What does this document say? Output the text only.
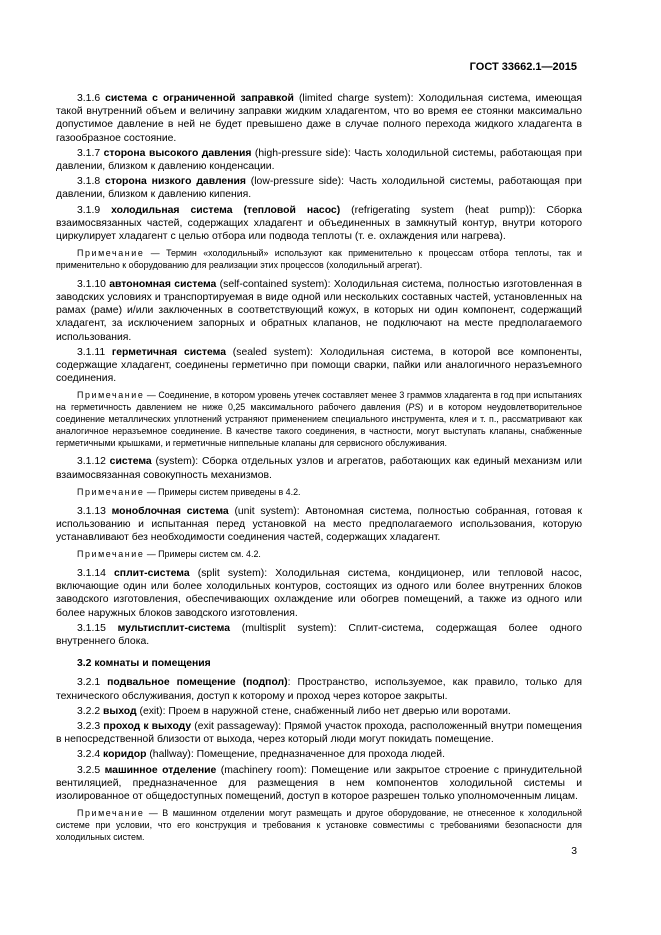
ГОСТ 33662.1—2015

3.1.6 система с ограниченной заправкой (limited charge system): Холодильная система, имеющая такой внутренний объем и величину заправки жидким хладагентом, что во время ее стоянки максимально допустимое давление в ней не будет превышено даже в случае полного перехода жидкого хладагента в газообразное состояние.

3.1.7 сторона высокого давления (high-pressure side): Часть холодильной системы, работающая при давлении, близком к давлению конденсации.

3.1.8 сторона низкого давления (low-pressure side): Часть холодильной системы, работающая при давлении, близком к давлению кипения.

3.1.9 холодильная система (тепловой насос) (refrigerating system (heat pump)): Сборка взаимосвязанных частей, содержащих хладагент и объединенных в замкнутый контур, внутри которого циркулирует хладагент с целью отбора или подвода теплоты (т. е. охлаждения или нагрева).

Примечание — Термин «холодильный» используют как применительно к процессам отбора теплоты, так и применительно к оборудованию для реализации этих процессов (холодильный агрегат).

3.1.10 автономная система (self-contained system): Холодильная система, полностью изготовленная в заводских условиях и транспортируемая в виде одной или нескольких составных частей, установленных на рамах (раме) и/или заключенных в соответствующий кожух, в которых ни один компонент, содержащий хладагент, за исключением запорных и обратных клапанов, не подключают на месте предполагаемого использования.

3.1.11 герметичная система (sealed system): Холодильная система, в которой все компоненты, содержащие хладагент, соединены герметично при помощи сварки, пайки или аналогичного неразъемного соединения.

Примечание — Соединение, в котором уровень утечек составляет менее 3 граммов хладагента в год при испытаниях на герметичность давлением не ниже 0,25 максимального рабочего давления (PS) и в котором неудовлетворительное соединение металлических уплотнений устраняют применением специального инструмента, клея и т. п., рассматривают как аналогичное неразъемное соединение. В качестве такого соединения, в частности, могут выступать клапаны, снабженные герметичными крышками, и герметичные ниппельные клапаны для сервисного обслуживания.

3.1.12 система (system): Сборка отдельных узлов и агрегатов, работающих как единый механизм или взаимосвязанная совокупность механизмов.

Примечание — Примеры систем приведены в 4.2.

3.1.13 моноблочная система (unit system): Автономная система, полностью собранная, готовая к использованию и испытанная перед установкой на место предполагаемого использования, которую устанавливают без необходимости соединения частей, содержащих хладагент.

Примечание — Примеры систем см. 4.2.

3.1.14 сплит-система (split system): Холодильная система, кондиционер, или тепловой насос, включающие один или более холодильных контуров, состоящих из одного или более внутренних блоков заводского изготовления, обеспечивающих охлаждение или обогрев помещений, а также из одного или более наружных блоков заводского изготовления.

3.1.15 мультисплит-система (multisplit system): Сплит-система, содержащая более одного внутреннего блока.

3.2 комнаты и помещения

3.2.1 подвальное помещение (подпол): Пространство, используемое, как правило, только для технического обслуживания, доступ к которому и проход через которое закрыты.

3.2.2 выход (exit): Проем в наружной стене, снабженный либо нет дверью или воротами.

3.2.3 проход к выходу (exit passageway): Прямой участок прохода, расположенный внутри помещения в непосредственной близости от выхода, через который люди могут покидать помещение.

3.2.4 коридор (hallway): Помещение, предназначенное для прохода людей.

3.2.5 машинное отделение (machinery room): Помещение или закрытое строение с принудительной вентиляцией, предназначенное для размещения в нем компонентов холодильной системы и изолированное от общедоступных помещений, доступ в которое разрешен только уполномоченным лицам.

Примечание — В машинном отделении могут размещать и другое оборудование, не отнесенное к холодильной системе при условии, что его конструкция и требования к установке совместимы с требованиями безопасности для холодильных систем.

3
